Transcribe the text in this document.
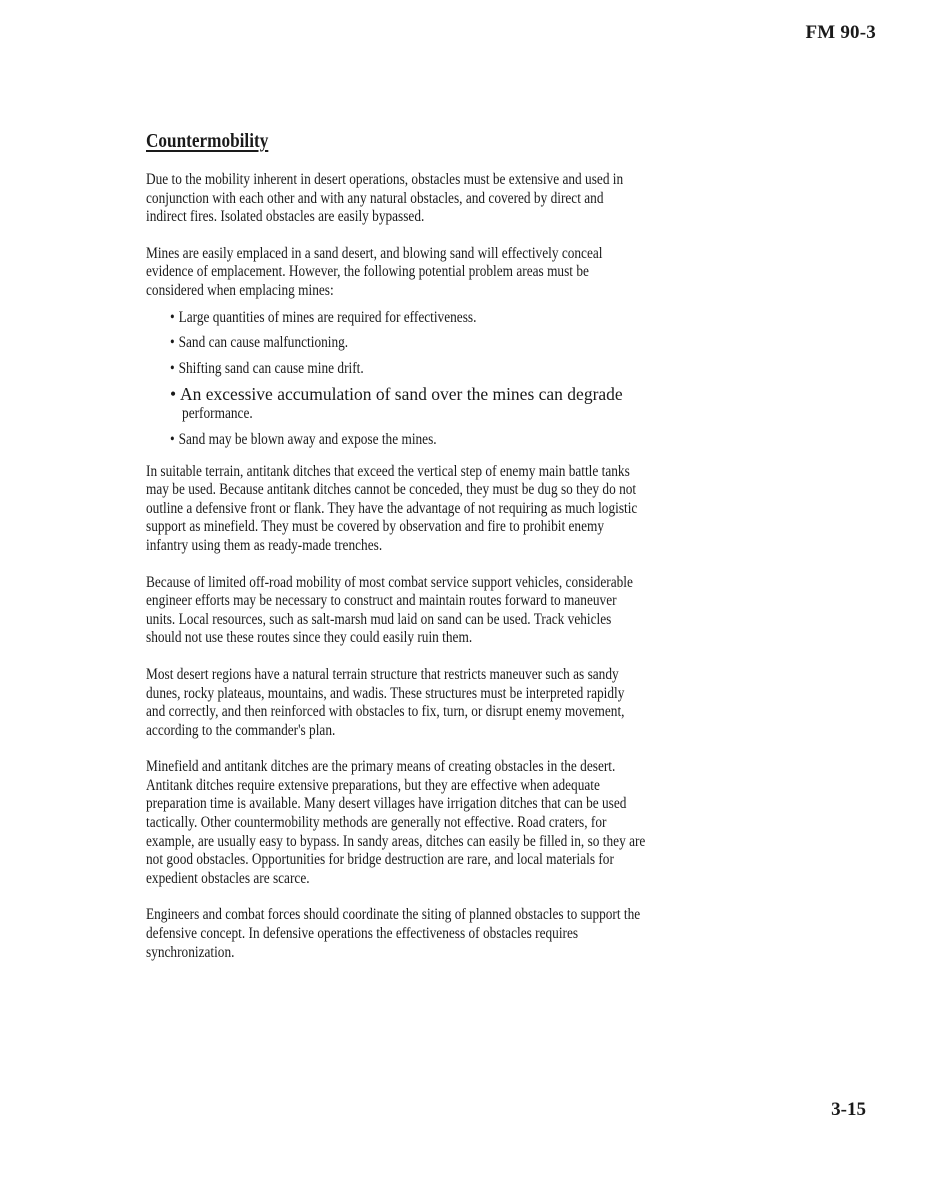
FM 90-3
Countermobility

Due to the mobility inherent in desert operations, obstacles must be extensive and used in conjunction with each other and with any natural obstacles, and covered by direct and indirect fires. Isolated obstacles are easily bypassed.

Mines are easily emplaced in a sand desert, and blowing sand will effectively conceal evidence of emplacement. However, the following potential problem areas must be considered when emplacing mines:

• Large quantities of mines are required for effectiveness.
• Sand can cause malfunctioning.
• Shifting sand can cause mine drift.
• An excessive accumulation of sand over the mines can degrade
performance.
• Sand may be blown away and expose the mines.

In suitable terrain, antitank ditches that exceed the vertical step of enemy main battle tanks may be used. Because antitank ditches cannot be conceded, they must be dug so they do not outline a defensive front or flank. They have the advantage of not requiring as much logistic support as minefield. They must be covered by observation and fire to prohibit enemy infantry using them as ready-made trenches.

Because of limited off-road mobility of most combat service support vehicles, considerable engineer efforts may be necessary to construct and maintain routes forward to maneuver units. Local resources, such as salt-marsh mud laid on sand can be used. Track vehicles should not use these routes since they could easily ruin them.

Most desert regions have a natural terrain structure that restricts maneuver such as sandy dunes, rocky plateaus, mountains, and wadis. These structures must be interpreted rapidly and correctly, and then reinforced with obstacles to fix, turn, or disrupt enemy movement, according to the commander's plan.

Minefield and antitank ditches are the primary means of creating obstacles in the desert. Antitank ditches require extensive preparations, but they are effective when adequate preparation time is available. Many desert villages have irrigation ditches that can be used tactically. Other countermobility methods are generally not effective. Road craters, for example, are usually easy to bypass. In sandy areas, ditches can easily be filled in, so they are not good obstacles. Opportunities for bridge destruction are rare, and local materials for expedient obstacles are scarce.

Engineers and combat forces should coordinate the siting of planned obstacles to support the defensive concept. In defensive operations the effectiveness of obstacles requires synchronization.

3-15
